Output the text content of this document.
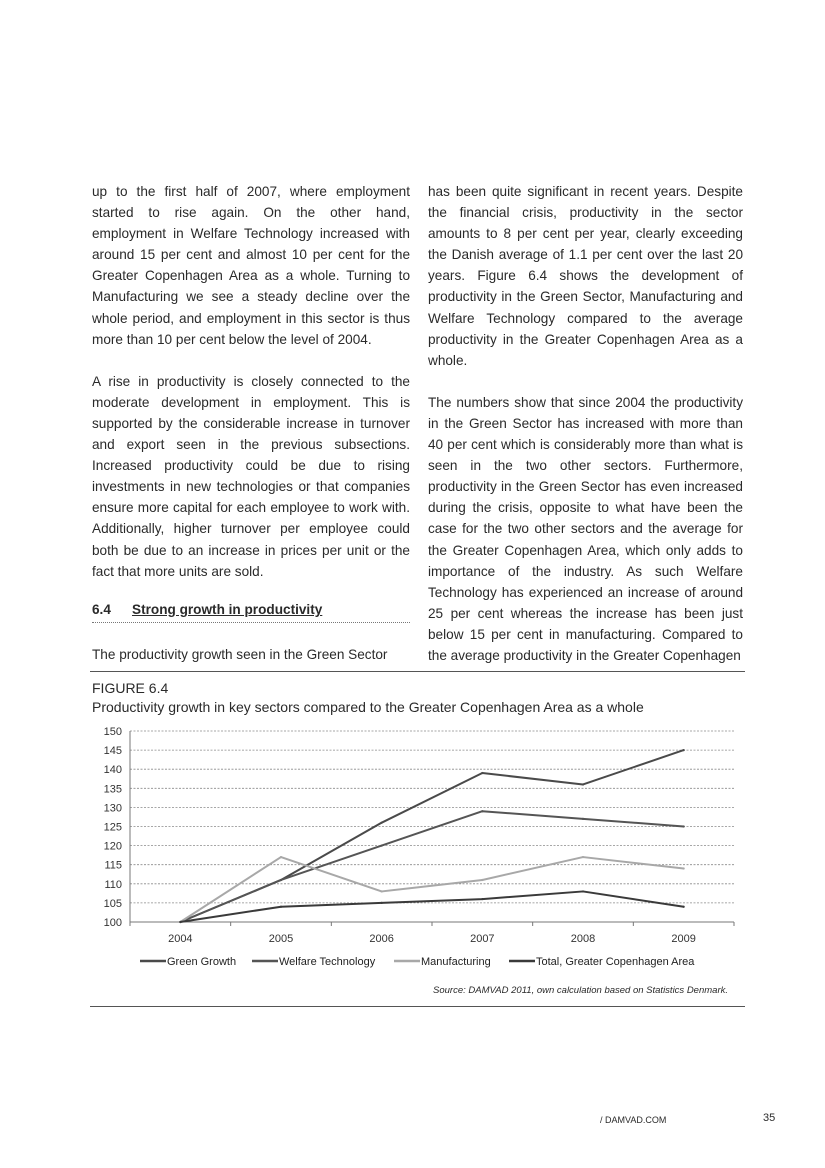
up to the first half of 2007, where employment started to rise again. On the other hand, employment in Welfare Technology increased with around 15 per cent and almost 10 per cent for the Greater Copenhagen Area as a whole. Turning to Manufacturing we see a steady decline over the whole period, and employment in this sector is thus more than 10 per cent below the level of 2004.

A rise in productivity is closely connected to the moderate development in employment. This is supported by the considerable increase in turnover and export seen in the previous subsections. Increased productivity could be due to rising investments in new technologies or that companies ensure more capital for each employee to work with. Additionally, higher turnover per employee could both be due to an increase in prices per unit or the fact that more units are sold.

6.4 Strong growth in productivity
The productivity growth seen in the Green Sector

has been quite significant in recent years. Despite the financial crisis, productivity in the sector amounts to 8 per cent per year, clearly exceeding the Danish average of 1.1 per cent over the last 20 years. Figure 6.4 shows the development of productivity in the Green Sector, Manufacturing and Welfare Technology compared to the average productivity in the Greater Copenhagen Area as a whole.

The numbers show that since 2004 the productivity in the Green Sector has increased with more than 40 per cent which is considerably more than what is seen in the two other sectors. Furthermore, productivity in the Green Sector has even increased during the crisis, opposite to what have been the case for the two other sectors and the average for the Greater Copenhagen Area, which only adds to importance of the industry. As such Welfare Technology has experienced an increase of around 25 per cent whereas the increase has been just below 15 per cent in manufacturing. Compared to the average productivity in the Greater Copenhagen

FIGURE 6.4
Productivity growth in key sectors compared to the Greater Copenhagen Area as a whole
100
105
110
115
120
125
130
135
140
145
150
2004	2005	2006	2007	2008	2009
Green Growth	Welfare Technology	Manufacturing	Total, Greater Copenhagen Area
Source: DAMVAD 2011, own calculation based on Statistics Denmark.
/ DAMVAD.COM	35
